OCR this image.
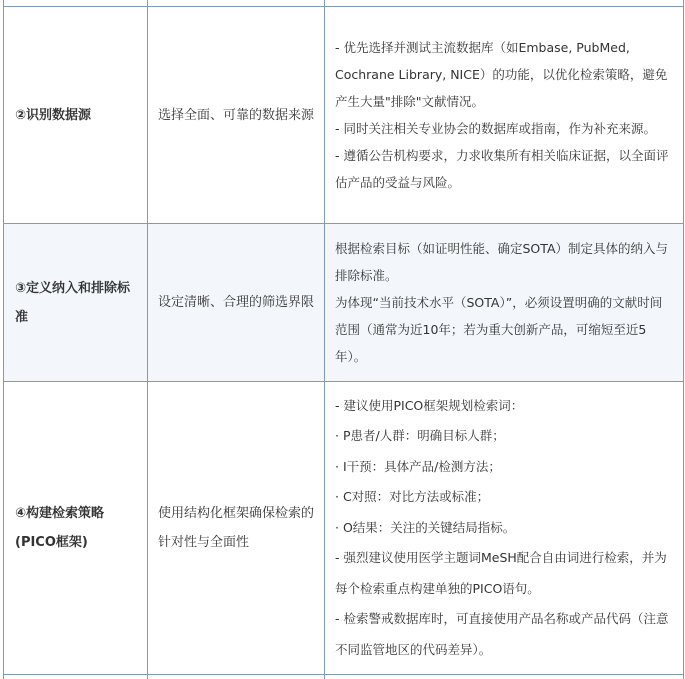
②识别数据源	选择全面、可靠的数据来源

- 优先选择并测试主流数据库（如Embase, PubMed, Cochrane Library, NICE）的功能，以优化检索策略，避免产生大量"排除"文献情况。

- 同时关注相关专业协会的数据库或指南，作为补充来源。

- 遵循公告机构要求，力求收集所有相关临床证据，以全面评估产品的受益与风险。

③定义纳入和排除标准
设定清晰、合理的筛选界限

根据检索目标（如证明性能、确定SOTA）制定具体的纳入与排除标准。

为体现“当前技术水平（SOTA）”，必须设置明确的文献时间范围（通常为近10年；若为重大创新产品，可缩短至近5年）。

④构建检索策略(PICO框架)
使用结构化框架确保检索的针对性与全面性

- 建议使用PICO框架规划检索词：

· P患者/人群：明确目标人群；

· I干预：具体产品/检测方法；

· C对照：对比方法或标准；

· O结果：关注的关键结局指标。

- 强烈建议使用医学主题词MeSH配合自由词进行检索，并为每个检索重点构建单独的PICO语句。

- 检索警戒数据库时，可直接使用产品名称或产品代码（注意不同监管地区的代码差异）。
